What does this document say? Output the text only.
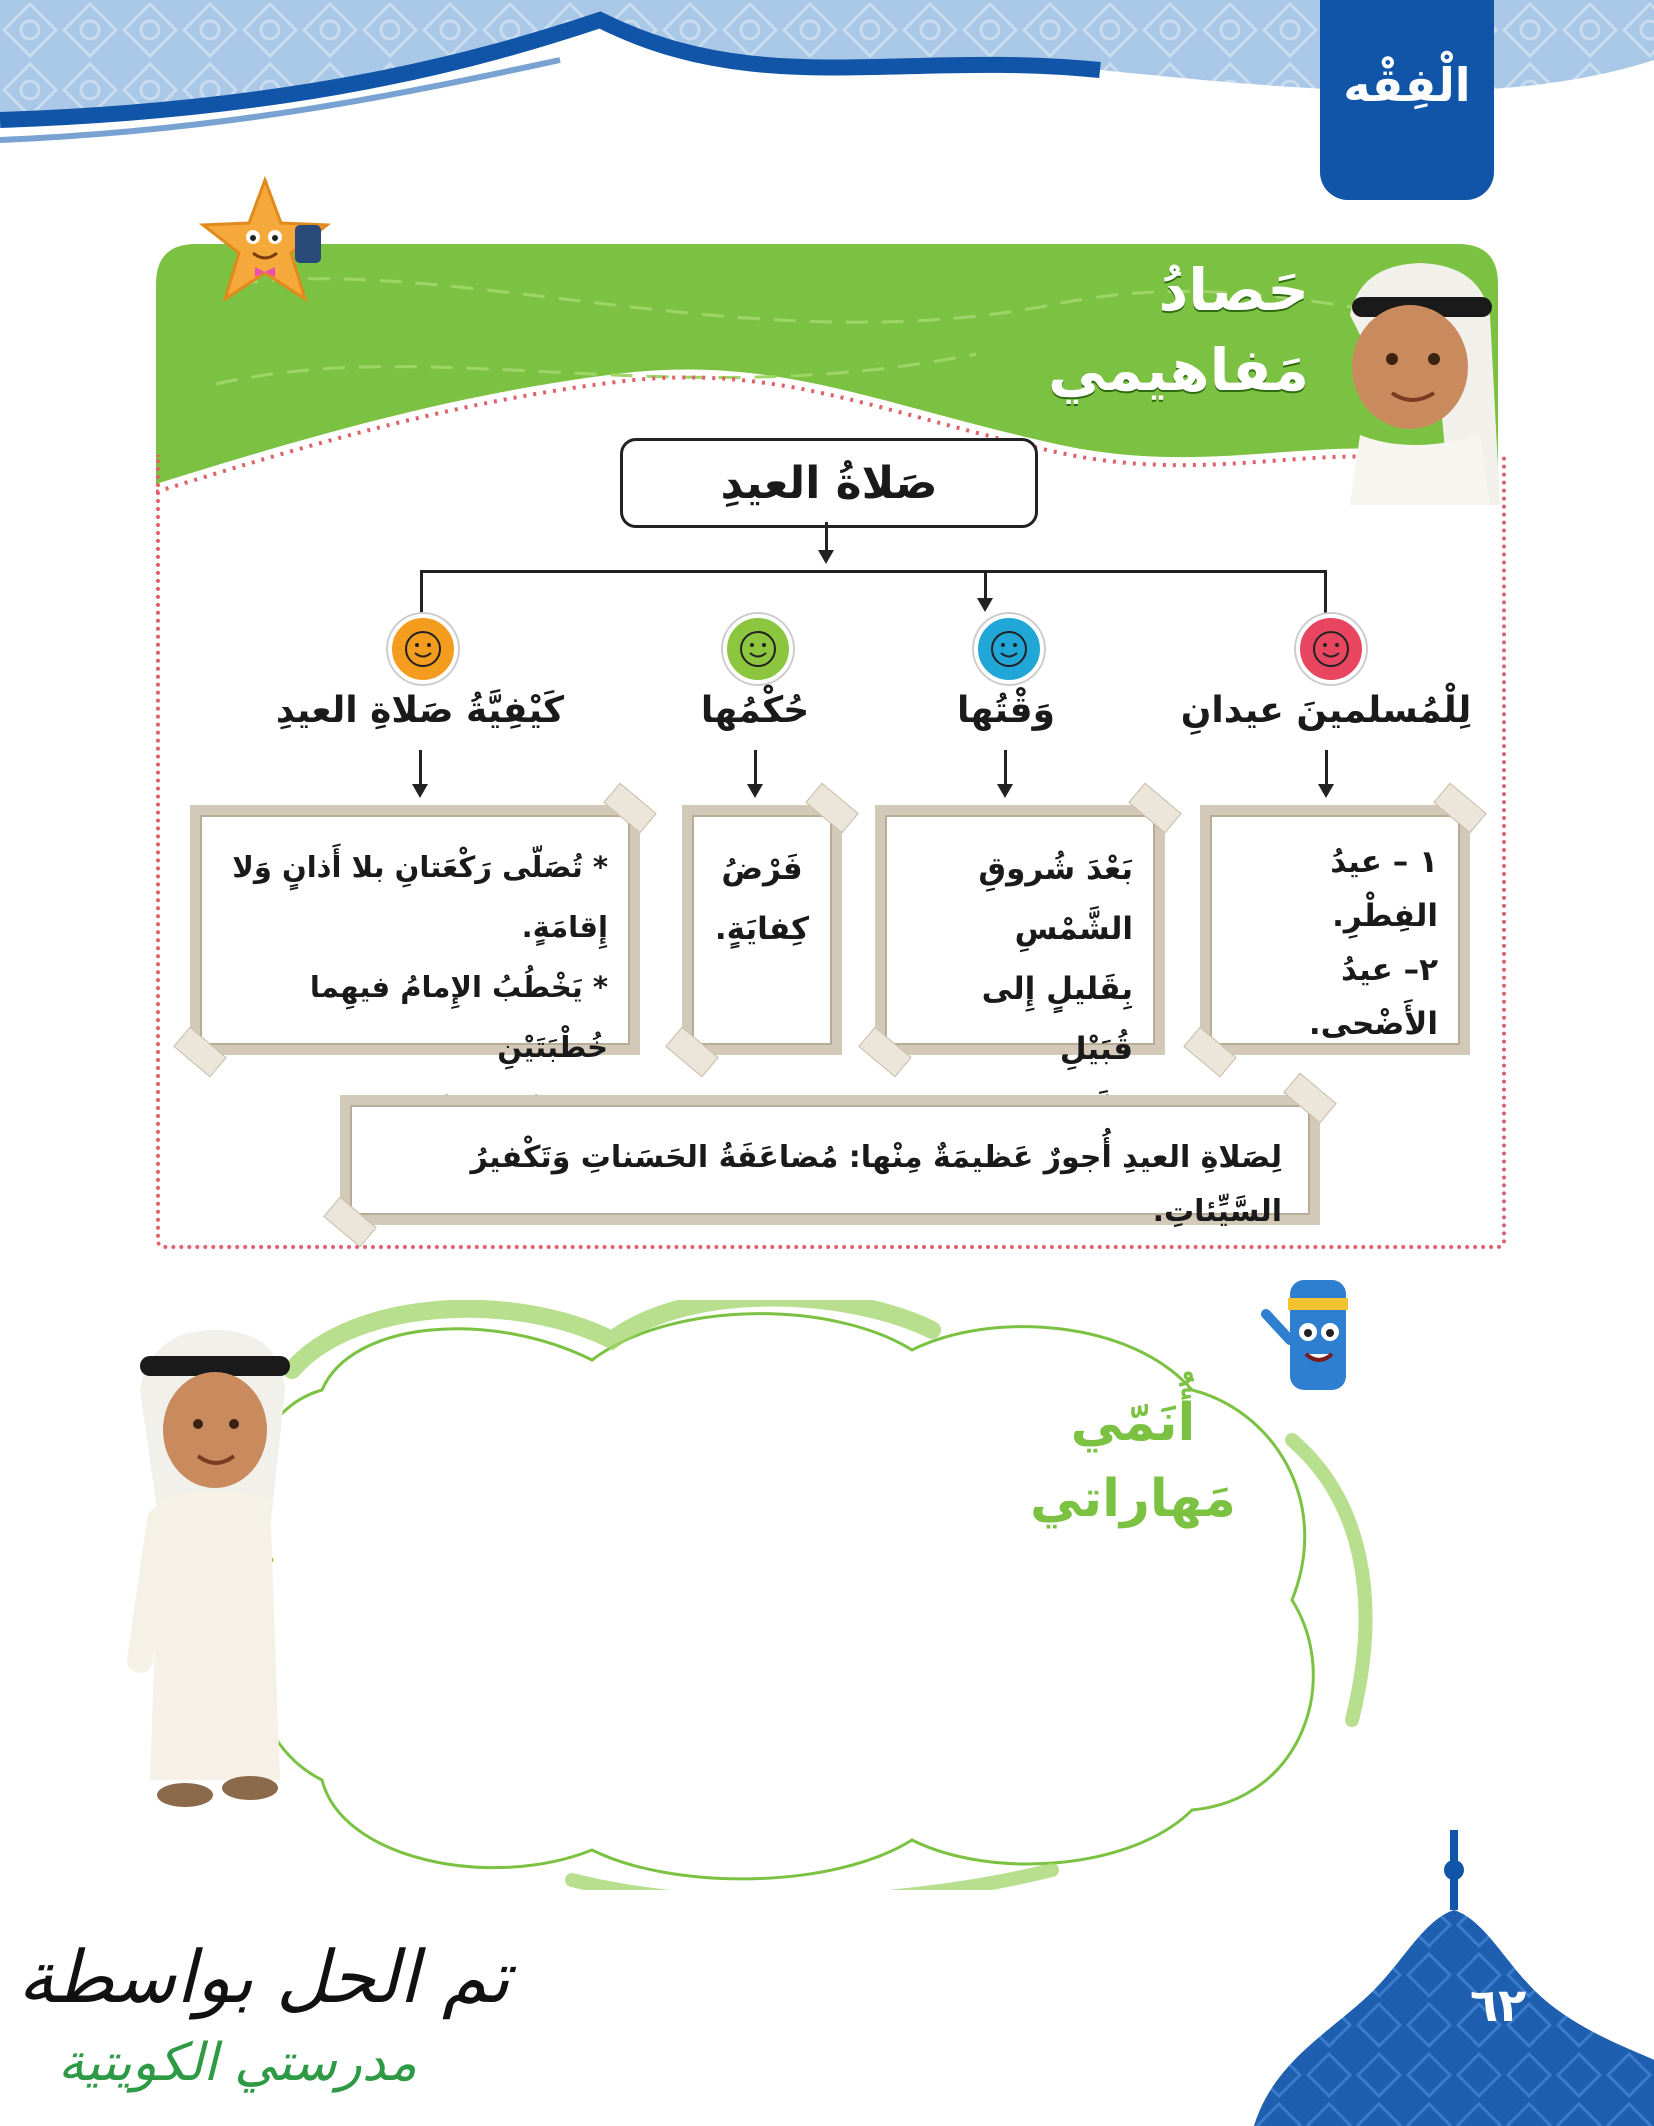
الْفِقْه
حَصادُ
مَفاهيمي
صَلاةُ العيدِ
لِلْمُسلمينَ عيدانِ
وَقْتُها
حُكْمُها
كَيْفِيَّةُ صَلاةِ العيدِ
١ – عيدُ الفِطْرِ.
٢– عيدُ الأَضْحى.
بَعْدَ شُروقِ الشَّمْسِ
بِقَليلٍ إِلى قُبَيْلِ
فَرْضُ
كِفايَةٍ.
* تُصَلّى رَكْعَتانِ بلا أَذانٍ وَلا إِقامَةٍ.
* يَخْطُبُ الإِمامُ فيهِما خُطْبَتَيْنِ
لِصَلاةِ العيدِ أُجورٌ عَظيمَةٌ مِنْها: مُضاعَفَةُ الحَسَناتِ وَتَكْفيرُ السَّيِّئاتِ.
أُنَمّي
مَهاراتي
تم الحل بواسطة
مدرستي الكويتية
٦٢
